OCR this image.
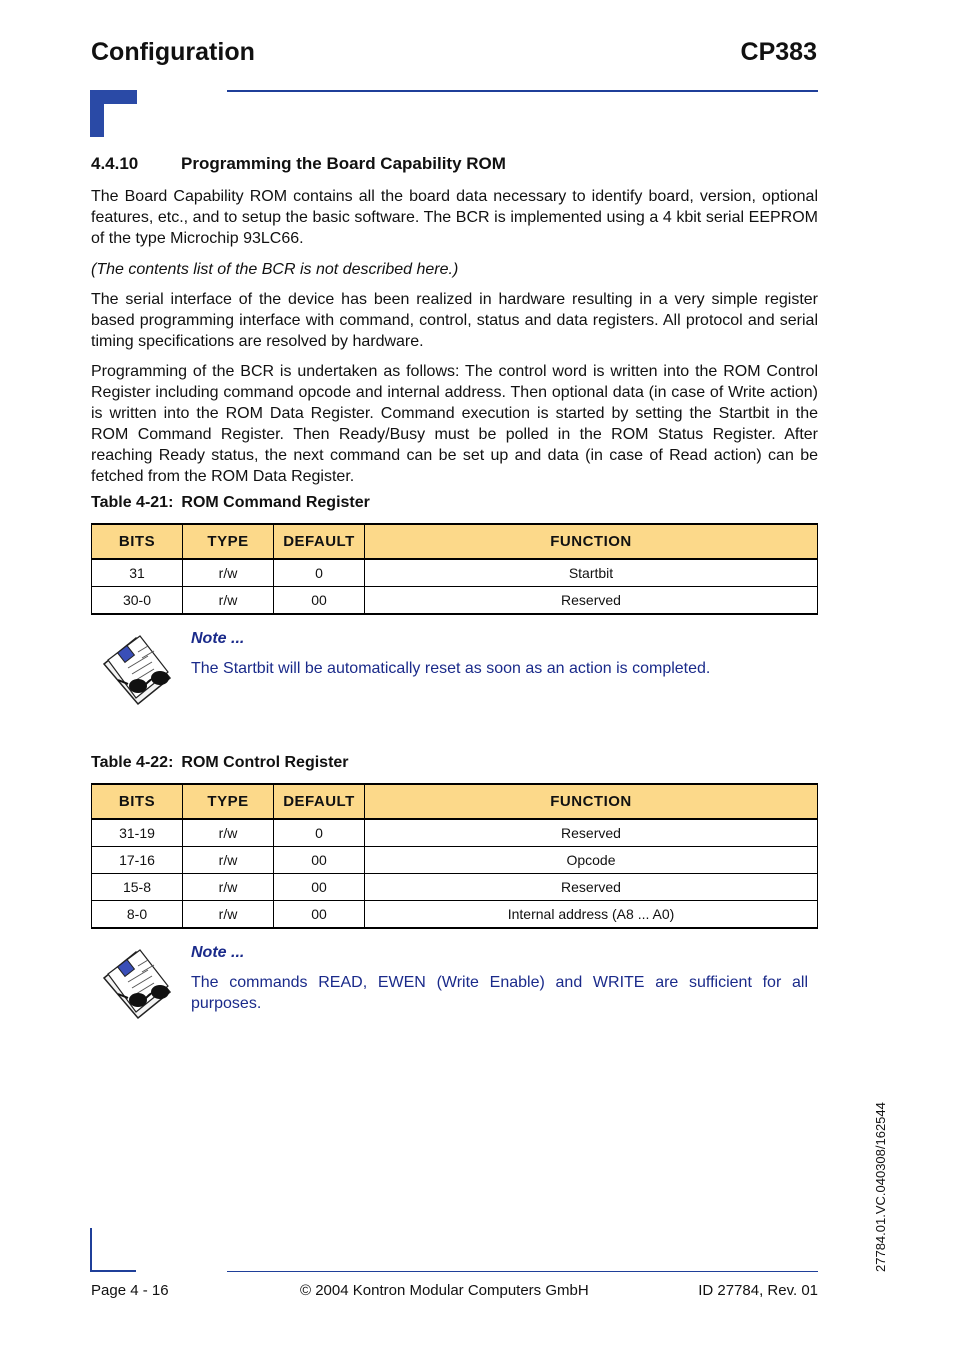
Configuration	CP383
4.4.10	Programming the Board Capability ROM

The Board Capability ROM contains all the board data necessary to identify board, version, optional features, etc., and to setup the basic software. The BCR is implemented using a 4 kbit serial EEPROM of the type Microchip 93LC66.

(The contents list of the BCR is not described here.)

The serial interface of the device has been realized in hardware resulting in a very simple register based programming interface with command, control, status and data registers. All protocol and serial timing specifications are resolved by hardware.

Programming of the BCR is undertaken as follows: The control word is written into the ROM Control Register including command opcode and internal address. Then optional data (in case of Write action) is written into the ROM Data Register. Command execution is started by setting the Startbit in the ROM Command Register. Then Ready/Busy must be polled in the ROM Status Register. After reaching Ready status, the next command can be set up and data (in case of Read action) can be fetched from the ROM Data Register.

Table 4-21: ROM Command Register
BITS	TYPE	DEFAULT	FUNCTION
31	r/w	0	Startbit
30-0	r/w	00	Reserved
Note ...

The Startbit will be automatically reset as soon as an action is completed.

Table 4-22: ROM Control Register
BITS	TYPE	DEFAULT	FUNCTION
31-19	r/w	0	Reserved
17-16	r/w	00	Opcode
15-8	r/w	00	Reserved
8-0	r/w	00	Internal address (A8 ... A0)
Note ...

The commands READ, EWEN (Write Enable) and WRITE are sufficient for all purposes.

27784.01.VC.040308/162544
Page 4 - 16	© 2004 Kontron Modular Computers GmbH	ID 27784, Rev. 01
